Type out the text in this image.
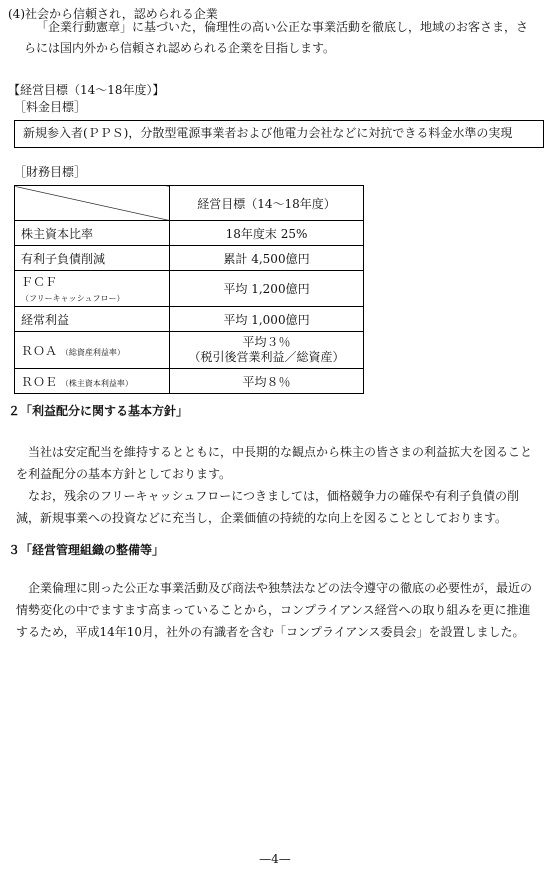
(4)社会から信頼され，認められる企業
「企業行動憲章」に基づいた，倫理性の高い公正な事業活動を徹底し，地域のお客さま，さらには国内外から信頼され認められる企業を目指します。
【経営目標（14～18年度）】
［料金目標］
新規参入者(ＰＰＳ)，分散型電源事業者および他電力会社などに対抗できる料金水準の実現
［財務目標］
	経営目標（14～18年度）
株主資本比率	18年度末 25%
有利子負債削減	累計 4,500億円
ＦＣＦ （フリーキャッシュフロー）	平均 1,200億円
経常利益	平均 1,000億円
ＲＯＡ （総資産利益率）	平均３％
（税引後営業利益／総資産）

ＲＯＥ （株主資本利益率）	平均８％
２「利益配分に関する基本方針」
当社は安定配当を維持するとともに，中長期的な観点から株主の皆さまの利益拡大を図ることを利益配分の基本方針としております。
なお，残余のフリーキャッシュフローにつきましては，価格競争力の確保や有利子負債の削減，新規事業への投資などに充当し，企業価値の持続的な向上を図ることとしております。
３「経営管理組織の整備等」
企業倫理に則った公正な事業活動及び商法や独禁法などの法令遵守の徹底の必要性が，最近の情勢変化の中でますます高まっていることから，コンプライアンス経営への取り組みを更に推進するため，平成14年10月，社外の有識者を含む「コンプライアンス委員会」を設置しました。
—4—
